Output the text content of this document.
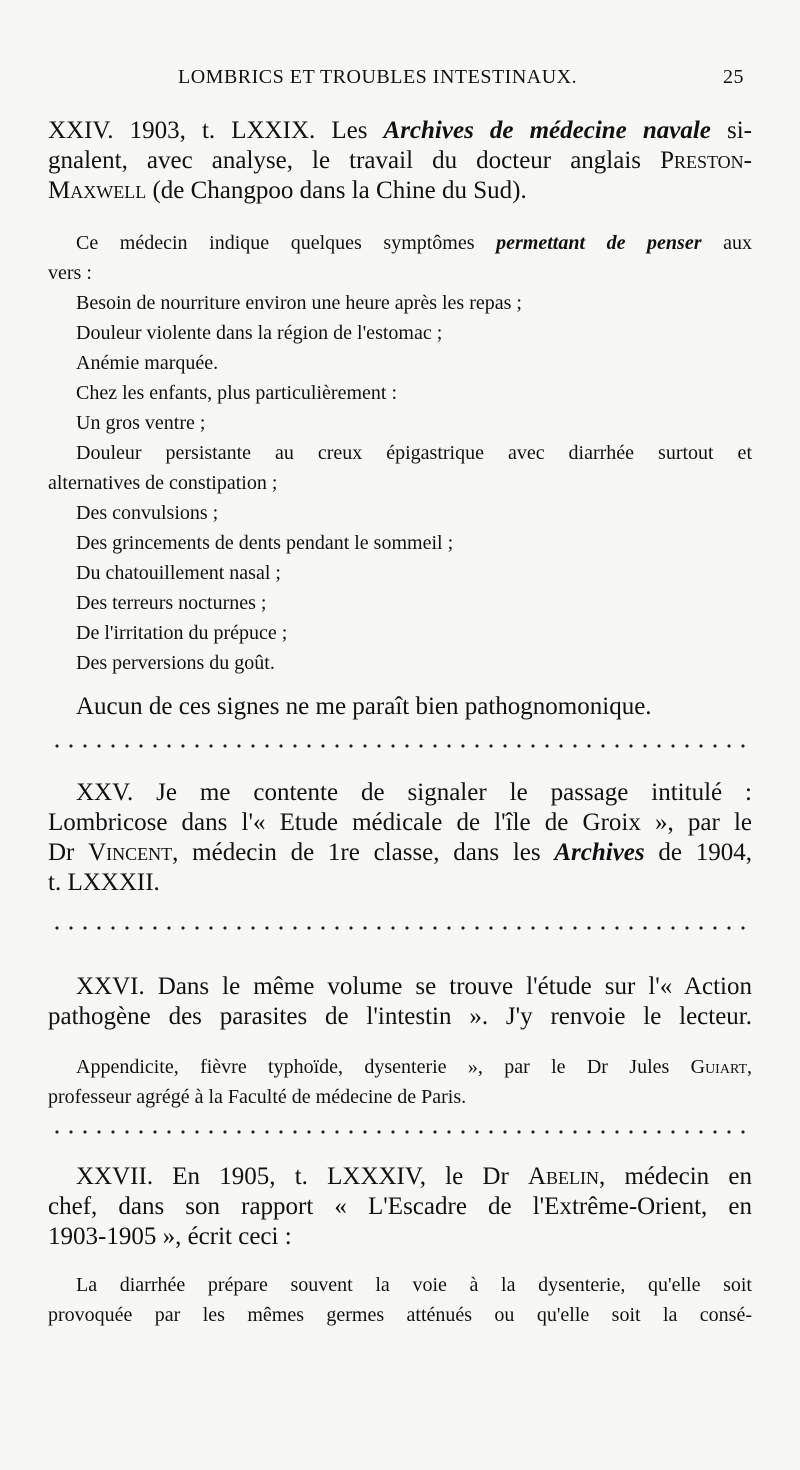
LOMBRICS ET TROUBLES INTESTINAUX.	25
XXIV. 1903, t. LXXIX. Les Archives de médecine navale si-
gnalent, avec analyse, le travail du docteur anglais Preston-
Maxwell (de Changpoo dans la Chine du Sud).
Ce médecin indique quelques symptômes permettant de penser aux
vers :
Besoin de nourriture environ une heure après les repas ;
Douleur violente dans la région de l'estomac ;
Anémie marquée.
Chez les enfants, plus particulièrement :
Un gros ventre ;
Douleur persistante au creux épigastrique avec diarrhée surtout et
alternatives de constipation ;
Des convulsions ;
Des grincements de dents pendant le sommeil ;
Du chatouillement nasal ;
Des terreurs nocturnes ;
De l'irritation du prépuce ;
Des perversions du goût.
Aucun de ces signes ne me paraît bien pathognomonique.
XXV. Je me contente de signaler le passage intitulé :
Lombricose dans l'« Etude médicale de l'île de Groix », par le
Dr Vincent, médecin de 1re classe, dans les Archives de 1904,
t. LXXXII.
XXVI. Dans le même volume se trouve l'étude sur l'« Action
pathogène des parasites de l'intestin ». J'y renvoie le lecteur.
Appendicite, fièvre typhoïde, dysenterie », par le Dr Jules Guiart,
professeur agrégé à la Faculté de médecine de Paris.
XXVII. En 1905, t. LXXXIV, le Dr Abelin, médecin en
chef, dans son rapport « L'Escadre de l'Extrême-Orient, en
1903-1905 », écrit ceci :
La diarrhée prépare souvent la voie à la dysenterie, qu'elle soit
provoquée par les mêmes germes atténués ou qu'elle soit la consé-
